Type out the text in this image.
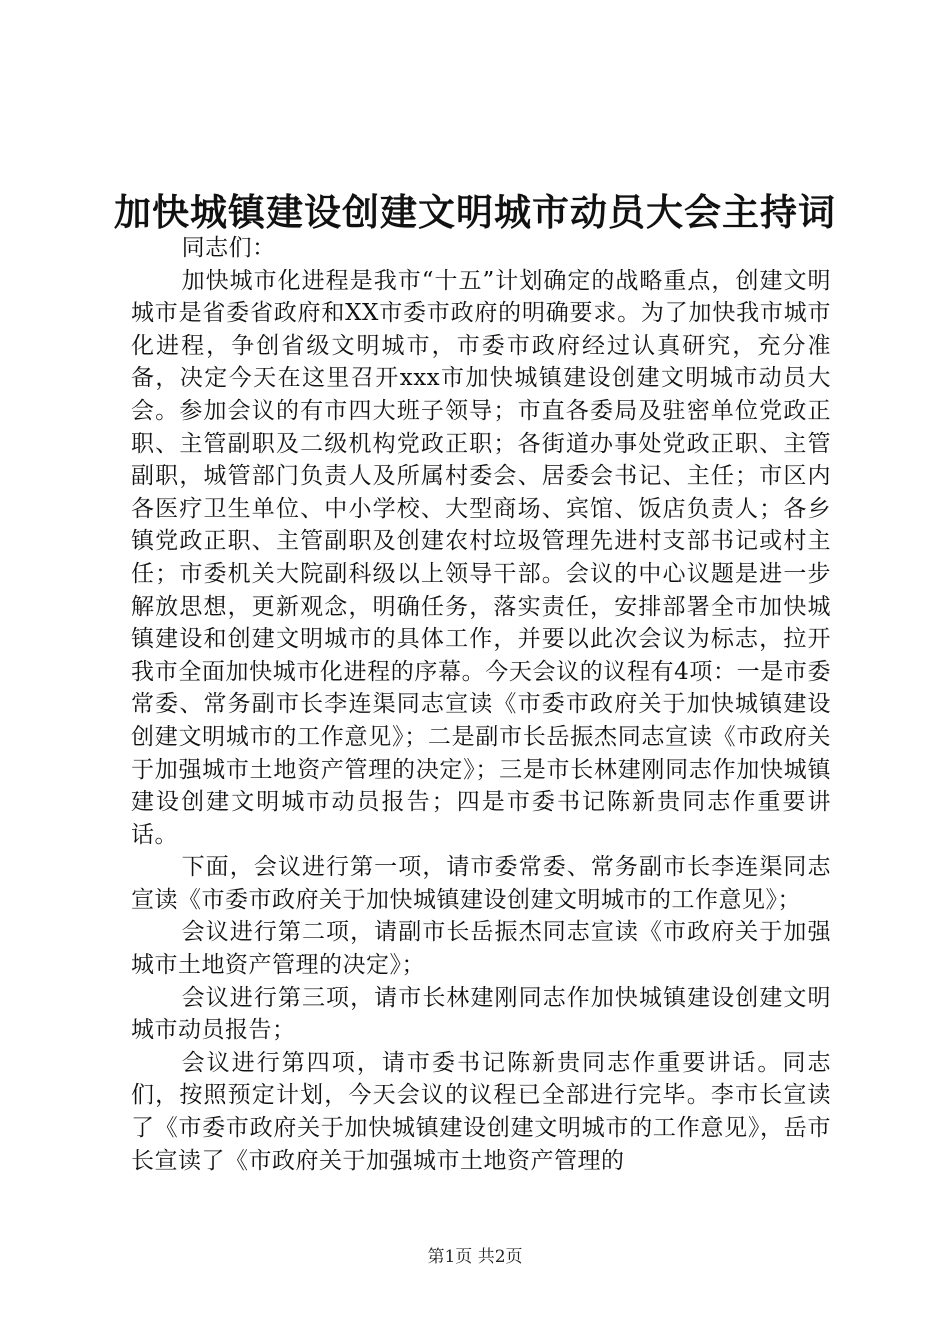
加快城镇建设创建文明城市动员大会主持词

同志们：

加快城市化进程是我市“十五”计划确定的战略重点，创建文明城市是省委省政府和XX市委市政府的明确要求。为了加快我市城市化进程，争创省级文明城市，市委市政府经过认真研究，充分准备，决定今天在这里召开xxx市加快城镇建设创建文明城市动员大会。参加会议的有市四大班子领导；市直各委局及驻密单位党政正职、主管副职及二级机构党政正职；各街道办事处党政正职、主管副职，城管部门负责人及所属村委会、居委会书记、主任；市区内各医疗卫生单位、中小学校、大型商场、宾馆、饭店负责人；各乡镇党政正职、主管副职及创建农村垃圾管理先进村支部书记或村主任；市委机关大院副科级以上领导干部。会议的中心议题是进一步解放思想，更新观念，明确任务，落实责任，安排部署全市加快城镇建设和创建文明城市的具体工作，并要以此次会议为标志，拉开我市全面加快城市化进程的序幕。今天会议的议程有4项：一是市委常委、常务副市长李连渠同志宣读《市委市政府关于加快城镇建设创建文明城市的工作意见》；二是副市长岳振杰同志宣读《市政府关于加强城市土地资产管理的决定》；三是市长林建刚同志作加快城镇建设创建文明城市动员报告；四是市委书记陈新贵同志作重要讲话。

下面，会议进行第一项，请市委常委、常务副市长李连渠同志宣读《市委市政府关于加快城镇建设创建文明城市的工作意见》；

会议进行第二项，请副市长岳振杰同志宣读《市政府关于加强城市土地资产管理的决定》；

会议进行第三项，请市长林建刚同志作加快城镇建设创建文明城市动员报告；

会议进行第四项，请市委书记陈新贵同志作重要讲话。同志们，按照预定计划，今天会议的议程已全部进行完毕。李市长宣读了《市委市政府关于加快城镇建设创建文明城市的工作意见》，岳市长宣读了《市政府关于加强城市土地资产管理的

第1页 共2页
